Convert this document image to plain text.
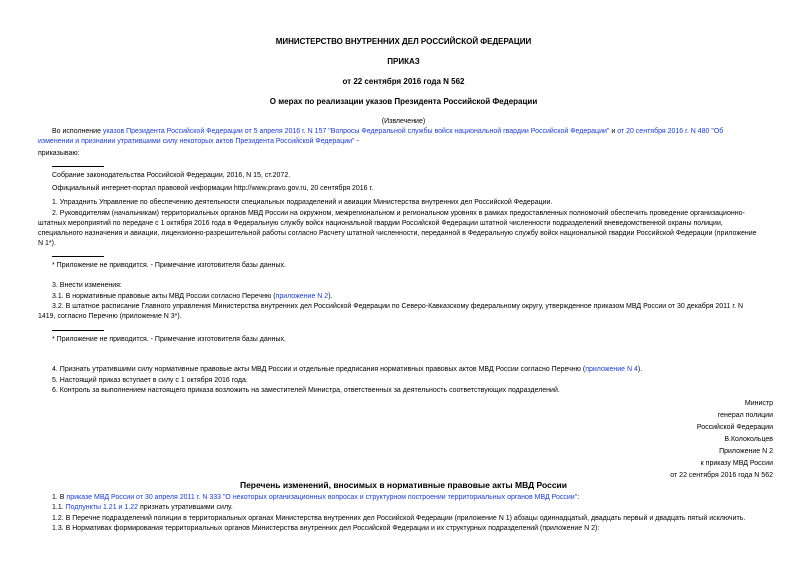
МИНИСТЕРСТВО ВНУТРЕННИХ ДЕЛ РОССИЙСКОЙ ФЕДЕРАЦИИ
ПРИКАЗ
от 22 сентября 2016 года N 562
О мерах по реализации указов Президента Российской Федерации
(Извлечение)
Во исполнение указов Президента Российской Федерации от 5 апреля 2016 г. N 157 "Вопросы Федеральной службы войск национальной гвардии Российской Федерации" и от 20 сентября 2016 г. N 480 "Об
изменении и признании утратившими силу некоторых актов Президента Российской Федерации" -
приказываю:
Собрание законодательства Российской Федерации, 2016, N 15, ст.2072.
Официальный интернет-портал правовой информации http://www.pravo.gov.ru, 20 сентября 2016 г.
1. Упразднить Управление по обеспечению деятельности специальных подразделений и авиации Министерства внутренних дел Российской Федерации.
2. Руководителям (начальникам) территориальных органов МВД России на окружном, межрегиональном и региональном уровнях в рамках предоставленных полномочий обеспечить проведение организационно-
штатных мероприятий по передаче с 1 октября 2016 года в Федеральную службу войск национальной гвардии Российской Федерации штатной численности подразделений вневедомственной охраны полиции,
специального назначения и авиации, лицензионно-разрешительной работы согласно Расчету штатной численности, переданной в Федеральную службу войск национальной гвардии Российской Федерации (приложение
N 1*).
* Приложение не приводится. - Примечание изготовителя базы данных.
3. Внести изменения:
3.1. В нормативные правовые акты МВД России согласно Перечню (приложение N 2).
3.2. В штатное расписание Главного управления Министерства внутренних дел Российской Федерации по Северо-Кавказскому федеральному округу, утвержденное приказом МВД России от 30 декабря 2011 г. N
1419, согласно Перечню (приложение N 3*).
* Приложение не приводится. - Примечание изготовителя базы данных.
4. Признать утратившими силу нормативные правовые акты МВД России и отдельные предписания нормативных правовых актов МВД России согласно Перечню (приложение N 4).
5. Настоящий приказ вступает в силу с 1 октября 2016 года.
6. Контроль за выполнением настоящего приказа возложить на заместителей Министра, ответственных за деятельность соответствующих подразделений.
Министр
генерал полиции
Российской Федерации
В.Колокольцев
Приложение N 2
к приказу МВД России
от 22 сентября 2016 года N 562
Перечень изменений, вносимых в нормативные правовые акты МВД России
1. В приказе МВД России от 30 апреля 2011 г. N 333 "О некоторых организационных вопросах и структурном построении территориальных органов МВД России":
1.1. Подпункты 1.21 и 1.22 признать утратившими силу.
1.2. В Перечне подразделений полиции в территориальных органах Министерства внутренних дел Российской Федерации (приложение N 1) абзацы одиннадцатый, двадцать первый и двадцать пятый исключить.
1.3. В Нормативах формирования территориальных органов Министерства внутренних дел Российской Федерации и их структурных подразделений (приложение N 2):
